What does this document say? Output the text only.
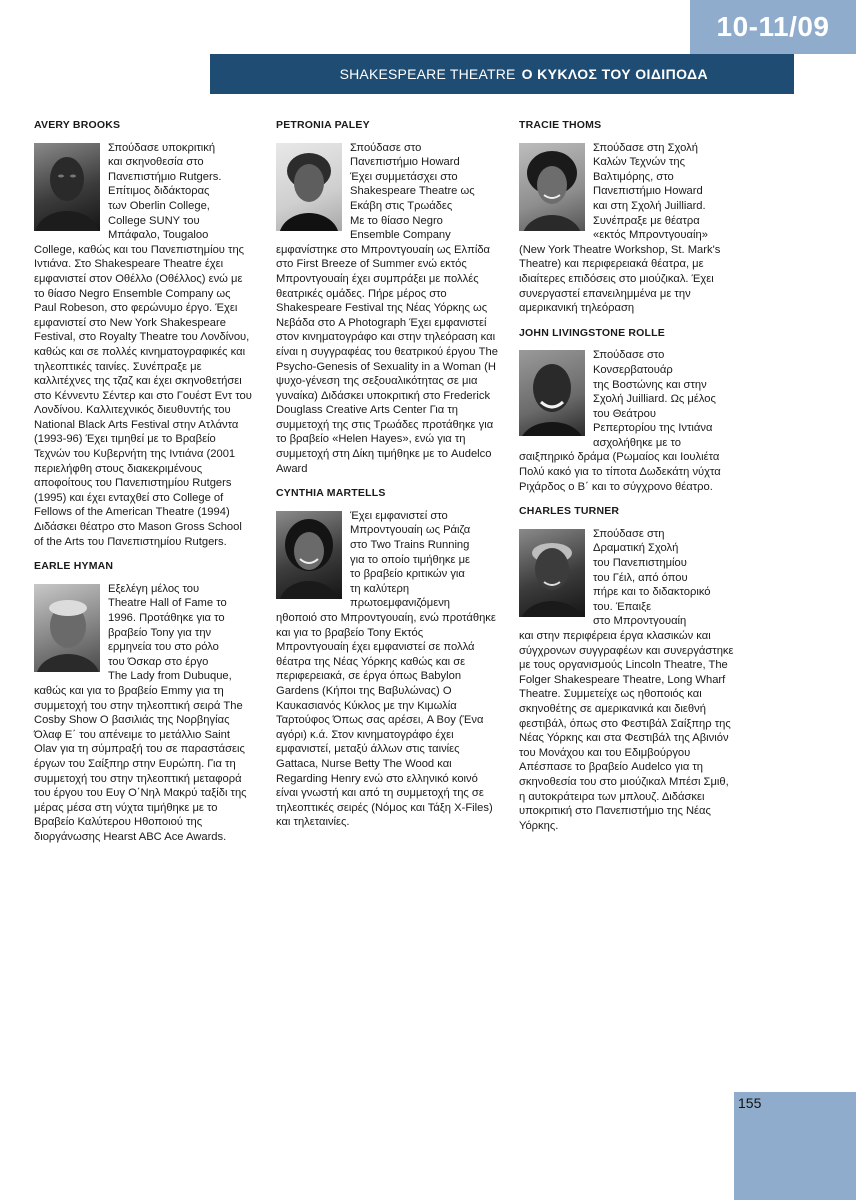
10-11/09
SHAKESPEARE THEATRE Ο ΚΥΚΛΟΣ ΤΟΥ ΟΙΔΙΠΟΔΑ
AVERY BROOKS
Σπούδασε υποκριτική
και σκηνοθεσία στο
Πανεπιστήμιο Rutgers.
Επίτιμος διδάκτορας
των Oberlin College,
College SUNY του
Μπάφαλο, Tougaloo
College, καθώς και του Πανεπιστημίου της Ιντιάνα. Στο Shakespeare Theatre έχει εμφανιστεί στον Οθέλλο (Οθέλλος) ενώ με το θίασο Negro Ensemble Company ως Paul Robeson, στο φερώνυμο έργο. Έχει εμφανιστεί στο New York Shakespeare Festival, στο Royalty Theatre του Λονδίνου, καθώς και σε πολλές κινηματογραφικές και τηλεοπτικές ταινίες. Συνέπραξε με καλλιτέχνες της τζαζ και έχει σκηνοθετήσει στο Κέννεντυ Σέντερ και στο Γουέστ Εντ του Λονδίνου. Καλλιτεχνικός διευθυντής του National Black Arts Festival στην Ατλάντα (1993-96) Έχει τιμηθεί με το Βραβείο Τεχνών του Κυβερνήτη της Ιντιάνα (2001 περιελήφθη στους διακεκριμένους αποφοίτους του Πανεπιστημίου Rutgers (1995) και έχει ενταχθεί στο College of Fellows of the American Theatre (1994) Διδάσκει θέατρο στο Mason Gross School of the Arts του Πανεπιστημίου Rutgers.
EARLE HYMAN
Εξελέγη μέλος του
Theatre Hall of Fame το
1996. Προτάθηκε για το
βραβείο Tony για την
ερμηνεία του στο ρόλο
του Όσκαρ στο έργο
The Lady from Dubuque,
καθώς και για το βραβείο Emmy για τη συμμετοχή του στην τηλεοπτική σειρά The Cosby Show Ο βασιλιάς της Νορβηγίας Όλαφ Ε΄ του απένειμε το μετάλλιο Saint Olav για τη σύμπραξή του σε παραστάσεις έργων του Σαίξπηρ στην Ευρώπη. Για τη συμμετοχή του στην τηλεοπτική μεταφορά του έργου του Ευγ Ο΄Νηλ Μακρύ ταξίδι της μέρας μέσα στη νύχτα τιμήθηκε με το Βραβείο Καλύτερου Ηθοποιού της διοργάνωσης Hearst ABC Ace Awards.
PETRONIA PALEY
Σπούδασε στο
Πανεπιστήμιο Howard
Έχει συμμετάσχει στο
Shakespeare Theatre ως
Εκάβη στις Τρωάδες
Με το θίασο Negro
Ensemble Company
εμφανίστηκε στο Μπροντγουαίη ως Ελπίδα στο First Breeze of Summer ενώ εκτός Μπροντγουαίη έχει συμπράξει με πολλές θεατρικές ομάδες. Πήρε μέρος στο Shakespeare Festival της Νέας Υόρκης ως Νεβάδα στο A Photograph Έχει εμφανιστεί στον κινηματογράφο και στην τηλεόραση και είναι η συγγραφέας του θεατρικού έργου The Psycho-Genesis of Sexuality in a Woman (Η ψυχο-γένεση της σεξουαλικότητας σε μια γυναίκα) Διδάσκει υποκριτική στο Frederick Douglass Creative Arts Center Για τη συμμετοχή της στις Τρωάδες προτάθηκε για το βραβείο «Helen Hayes», ενώ για τη συμμετοχή στη Δίκη τιμήθηκε με το Audelco Award
CYNTHIA MARTELLS
Έχει εμφανιστεί στο
Μπροντγουαίη ως Ράιζα
στο Two Trains Running
για το οποίο τιμήθηκε με
το βραβείο κριτικών για
τη καλύτερη
πρωτοεμφανιζόμενη
ηθοποιό στο Μπροντγουαίη, ενώ προτάθηκε και για το βραβείο Tony Εκτός Μπροντγουαίη έχει εμφανιστεί σε πολλά θέατρα της Νέας Υόρκης καθώς και σε περιφερειακά, σε έργα όπως Babylon Gardens (Κήποι της Βαβυλώνας) Ο Καυκασιανός Κύκλος με την Κιμωλία Ταρτούφος Όπως σας αρέσει, A Boy (Ένα αγόρι) κ.ά. Στον κινηματογράφο έχει εμφανιστεί, μεταξύ άλλων στις ταινίες Gattaca, Nurse Betty The Wood και Regarding Henry ενώ στο ελληνικό κοινό είναι γνωστή και από τη συμμετοχή της σε τηλεοπτικές σειρές (Νόμος και Τάξη X-Files) και τηλεταινίες.
TRACIE THOMS
Σπούδασε στη Σχολή
Καλών Τεχνών της
Βαλτιμόρης, στο
Πανεπιστήμιο Howard
και στη Σχολή Juilliard.
Συνέπραξε με θέατρα
«εκτός Μπροντγουαίη»
(New York Theatre Workshop, St. Mark's Theatre) και περιφερειακά θέατρα, με ιδιαίτερες επιδόσεις στο μιούζικαλ. Έχει συνεργαστεί επανειλημμένα με την αμερικανική τηλεόραση
JOHN LIVINGSTONE ROLLE
Σπούδασε στο
Κονσερβατουάρ
της Βοστώνης και στην
Σχολή Juilliard. Ως μέλος
του Θεάτρου
Ρεπερτορίου της Ιντιάνα
ασχολήθηκε με το
σαιξπηρικό δράμα (Ρωμαίος και Ιουλιέτα Πολύ κακό για το τίποτα Δωδεκάτη νύχτα Ριχάρδος ο Β΄ και το σύγχρονο θέατρο.
CHARLES TURNER
Σπούδασε στη
Δραματική Σχολή
του Πανεπιστημίου
του Γέιλ, από όπου
πήρε και το διδακτορικό
του. Έπαιξε
στο Μπροντγουαίη
και στην περιφέρεια έργα κλασικών και σύγχρονων συγγραφέων και συνεργάστηκε με τους οργανισμούς Lincoln Theatre, The Folger Shakespeare Theatre, Long Wharf Theatre. Συμμετείχε ως ηθοποιός και σκηνοθέτης σε αμερικανικά και διεθνή φεστιβάλ, όπως στο Φεστιβάλ Σαίξπηρ της Νέας Υόρκης και στα Φεστιβάλ της Αβινιόν του Μονάχου και του Εδιμβούργου Απέσπασε το βραβείο Audelco για τη σκηνοθεσία του στο μιούζικαλ Μπέσι Σμιθ, η αυτοκράτειρα των μπλουζ. Διδάσκει υποκριτική στο Πανεπιστήμιο της Νέας Υόρκης.
155
